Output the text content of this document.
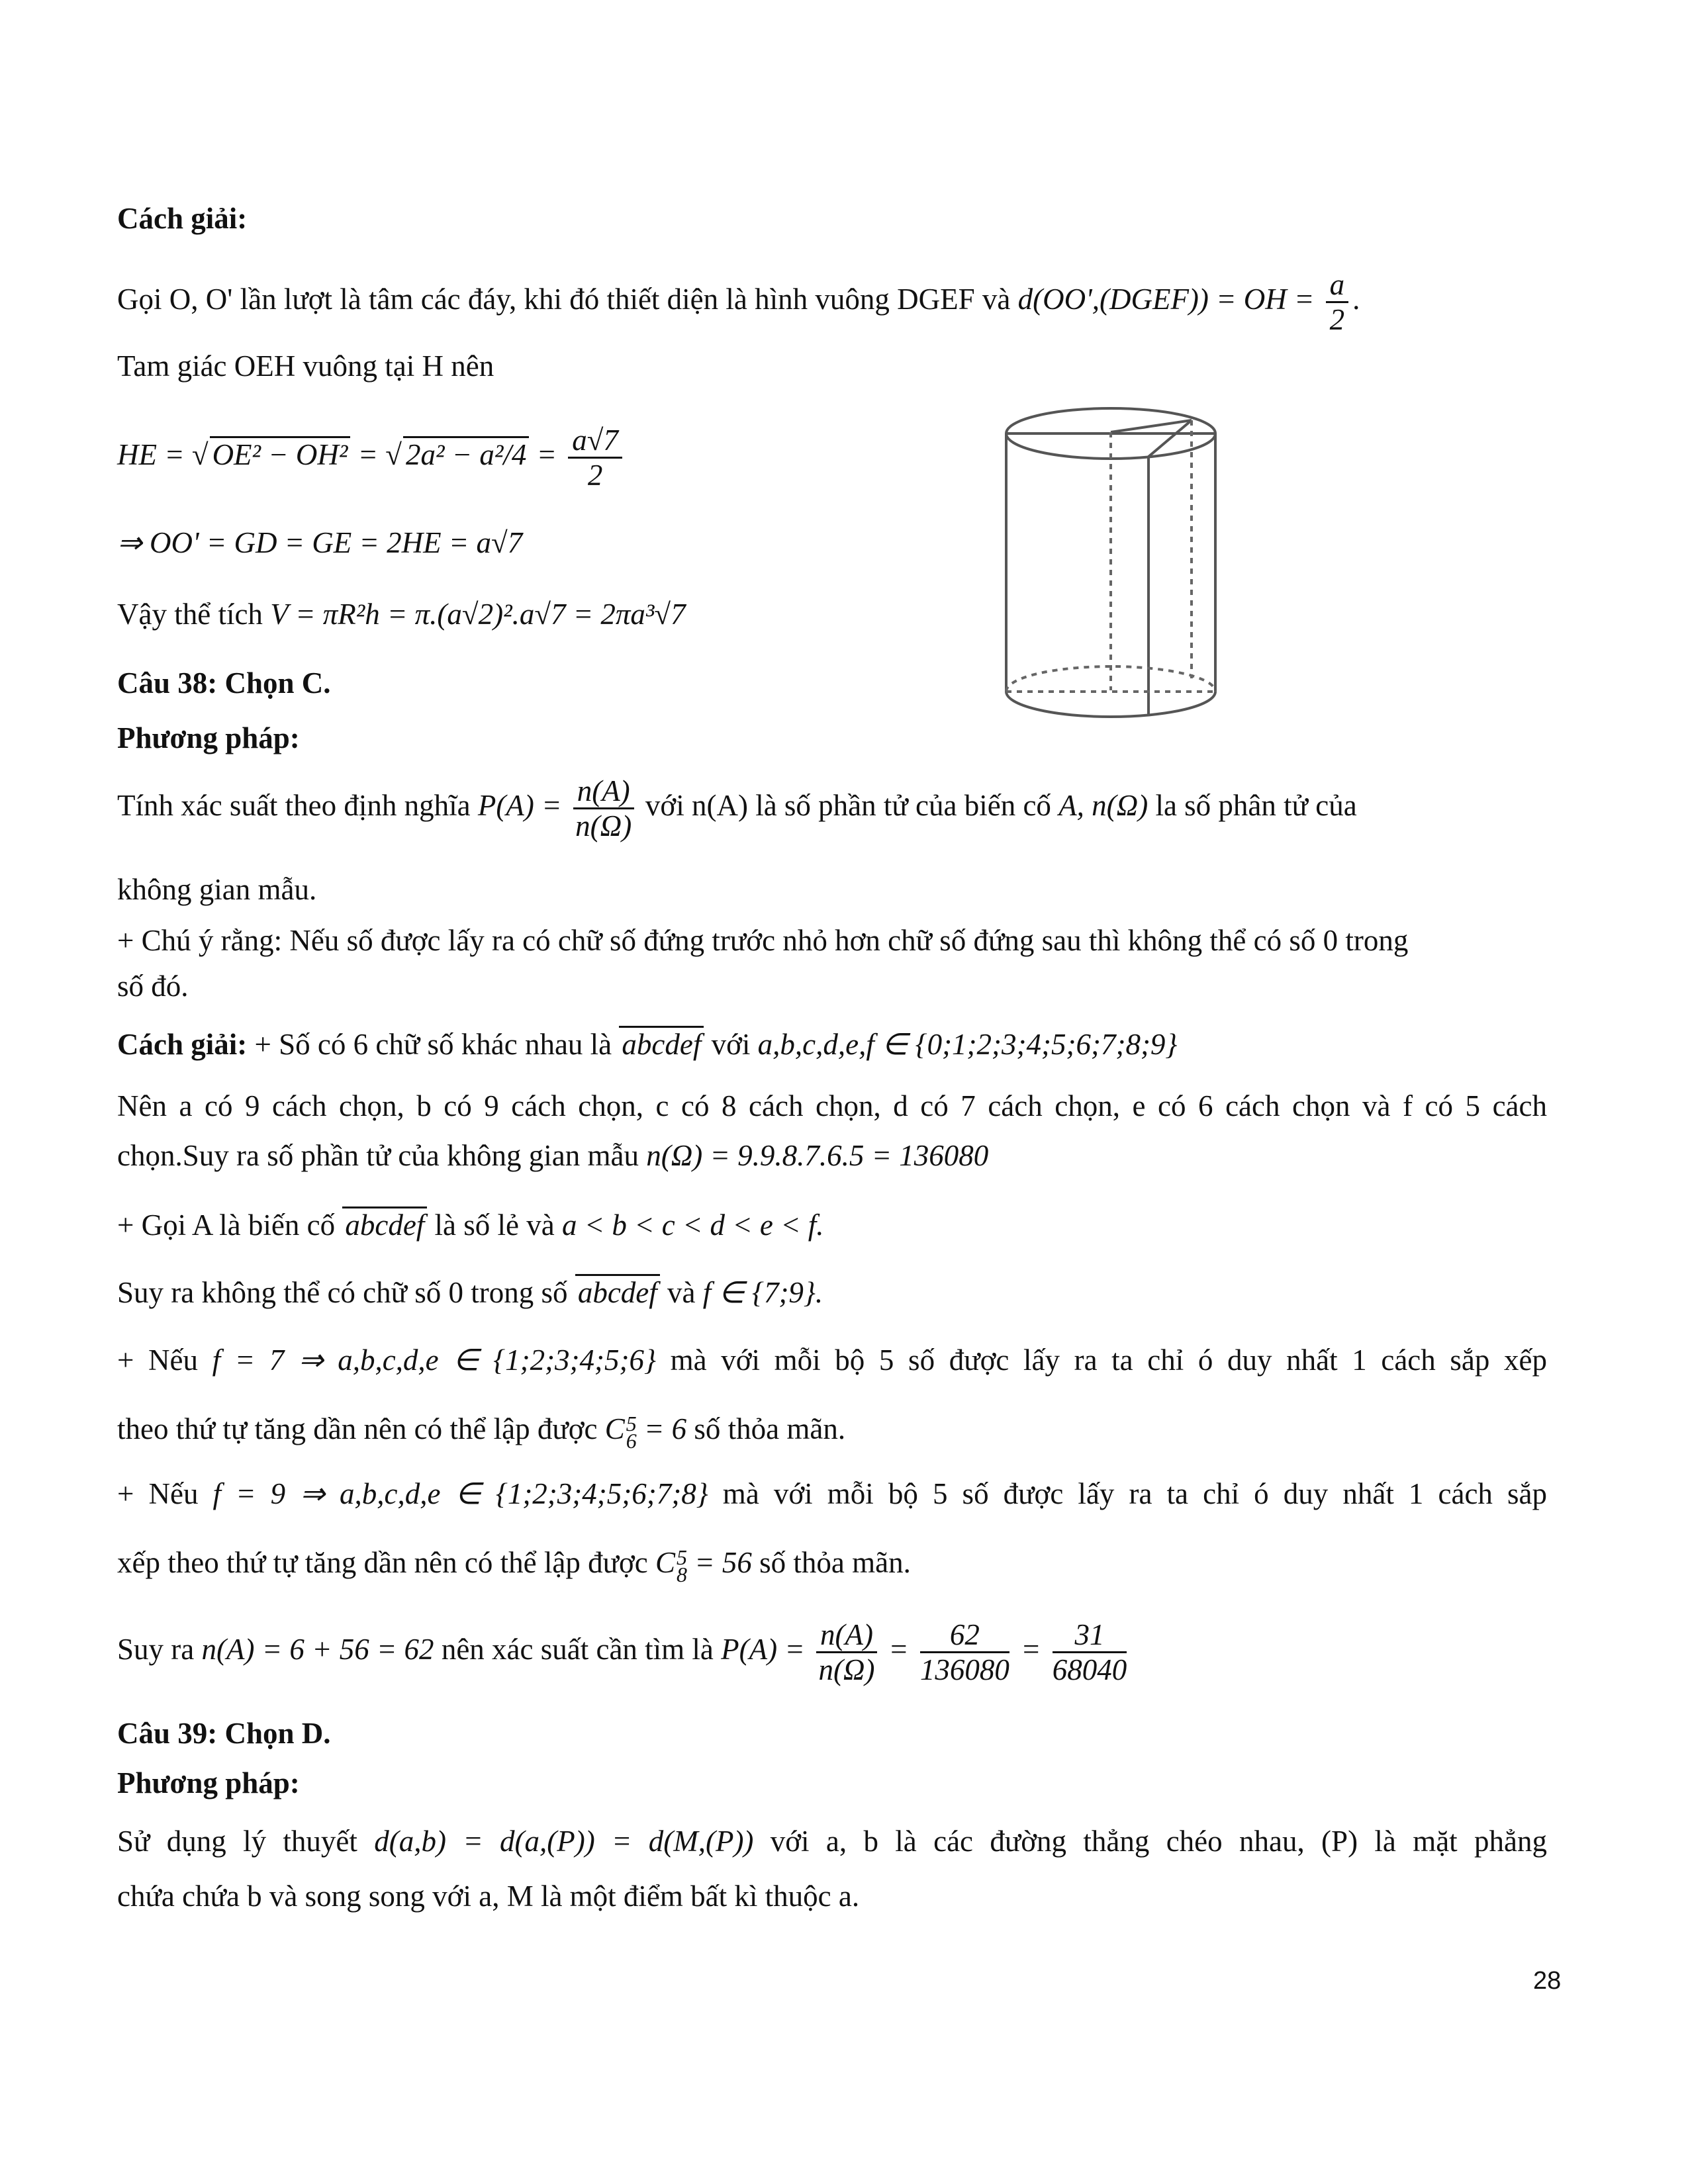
Cách giải:
Gọi O, O' lần lượt là tâm các đáy, khi đó thiết diện là hình vuông DGEF và d(OO',(DGEF)) = OH = $\frac{a}{2}$ .
Tam giác OEH vuông tại H nên
HE = √ OE² − OH² = √ $2a^2 - a^2/4 = \frac{a√7}{2}$
⇒ OO' = GD = GE = 2HE = a√7
Vậy thể tích V = πR²h = π.(a√2)².a√7 = 2πa³√7
Câu 38: Chọn C.
Phương pháp:
Tính xác suất theo định nghĩa $P(A) = \frac{n(A)}{n(\Omega)}$ với n(A) là số phần tử của biến cố A, n(Ω) la số phân tử của
không gian mẫu.
+ Chú ý rằng: Nếu số được lấy ra có chữ số đứng trước nhỏ hơn chữ số đứng sau thì không thể có số 0 trong
số đó.
Cách giải: + Số có 6 chữ số khác nhau là abcdef với a,b,c,d,e,f ∈ {0;1;2;3;4;5;6;7;8;9}
Nên a có 9 cách chọn, b có 9 cách chọn, c có 8 cách chọn, d có 7 cách chọn, e có 6 cách chọn và f có 5 cách
chọn.Suy ra số phần tử của không gian mẫu n(Ω) = 9.9.8.7.6.5 = 136080
+ Gọi A là biến cố abcdef là số lẻ và a < b < c < d < e < f.
Suy ra không thể có chữ số 0 trong số abcdef và f ∈ {7;9}.
+ Nếu f = 7 ⇒ a,b,c,d,e ∈ {1;2;3;4;5;6} mà với mỗi bộ 5 số được lấy ra ta chỉ ó duy nhất 1 cách sắp xếp
theo thứ tự tăng dần nên có thể lập được C 5
6 = 6 số thỏa mãn.
+ Nếu f = 9 ⇒ a,b,c,d,e ∈ {1;2;3;4;5;6;7;8} mà với mỗi bộ 5 số được lấy ra ta chỉ ó duy nhất 1 cách sắp
xếp theo thứ tự tăng dần nên có thể lập được C 5
8 = 56 số thỏa mãn.
Suy ra n(A) = 6 + 56 = 62 nên xác suất cần tìm là $P(A) = \frac{n(A)}{n(\Omega)} = \frac{62}{136080} = \frac{31}{68040}$
Câu 39: Chọn D.
Phương pháp:
Sử dụng lý thuyết d(a,b) = d(a,(P)) = d(M,(P)) với a, b là các đường thẳng chéo nhau, (P) là mặt phẳng
chứa chứa b và song song với a, M là một điểm bất kì thuộc a.
28
